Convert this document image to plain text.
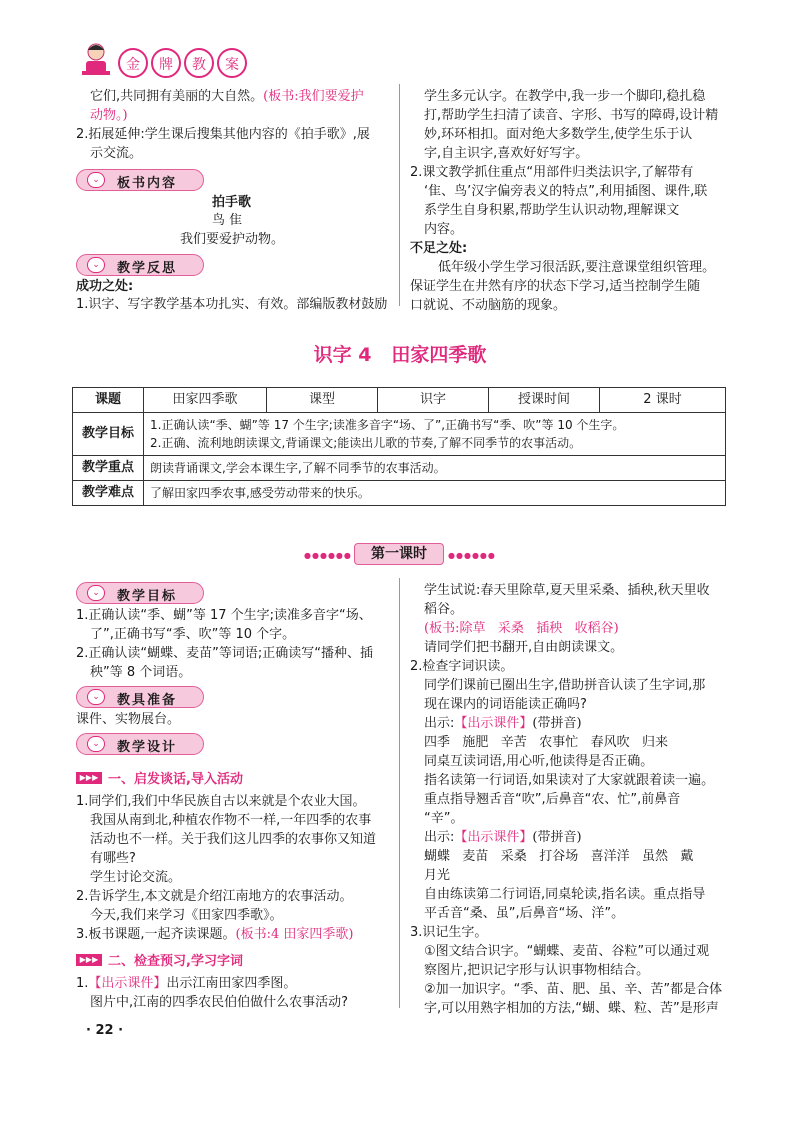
金	牌	教	案
它们,共同拥有美丽的大自然。(板书:我们要爱护
动物。)
2.拓展延伸:学生课后搜集其他内容的《拍手歌》,展
示交流。
⌄	板书内容
拍手歌
鸟 隹
我们要爱护动物。
⌄	教学反思
成功之处:
1.识字、写字教学基本功扎实、有效。部编版教材鼓励
学生多元认字。在教学中,我一步一个脚印,稳扎稳
打,帮助学生扫清了读音、字形、书写的障碍,设计精
妙,环环相扣。面对绝大多数学生,使学生乐于认
字,自主识字,喜欢好好写字。
2.课文教学抓住重点“用部件归类法识字,了解带有
‘隹、鸟’汉字偏旁表义的特点”,利用插图、课件,联
系学生自身积累,帮助学生认识动物,理解课文
内容。
不足之处:
低年级小学生学习很活跃,要注意课堂组织管理。
保证学生在井然有序的状态下学习,适当控制学生随
口就说、不动脑筋的现象。
识字 4   田家四季歌
课题	田家四季歌	课型	识字	授课时间	2 课时
教学目标	1.正确认读“季、蝴”等 17 个生字;读准多音字“场、了”,正确书写“季、吹”等 10 个生字。
2.正确、流利地朗读课文,背诵课文;能读出儿歌的节奏,了解不同季节的农事活动。				

教学重点	朗读背诵课文,学会本课生字,了解不同季节的农事活动。				
教学难点	了解田家四季农事,感受劳动带来的快乐。				
●●●●●●	第一课时	●●●●●●
⌄	教学目标
1.正确认读“季、蝴”等 17 个生字;读准多音字“场、
了”,正确书写“季、吹”等 10 个字。
2.正确认读“蝴蝶、麦苗”等词语;正确读写“播种、插
秧”等 8 个词语。
⌄	教具准备
课件、实物展台。
⌄	教学设计
▶▶▶ 一、启发谈话,导入活动
1.同学们,我们中华民族自古以来就是个农业大国。
我国从南到北,种植农作物不一样,一年四季的农事
活动也不一样。关于我们这儿四季的农事你又知道
有哪些?
学生讨论交流。
2.告诉学生,本文就是介绍江南地方的农事活动。
今天,我们来学习《田家四季歌》。
3.板书课题,一起齐读课题。(板书:4 田家四季歌)
▶▶▶ 二、检查预习,学习字词
1.【出示课件】出示江南田家四季图。
图片中,江南的四季农民伯伯做什么农事活动?
学生试说:春天里除草,夏天里采桑、插秧,秋天里收
稻谷。
(板书:除草   采桑   插秧   收稻谷)
请同学们把书翻开,自由朗读课文。
2.检查字词识读。
同学们课前已圈出生字,借助拼音认读了生字词,那
现在课内的词语能读正确吗?
出示:【出示课件】(带拼音)
四季   施肥   辛苦   农事忙   春风吹   归来
同桌互读词语,用心听,他读得是否正确。
指名读第一行词语,如果读对了大家就跟着读一遍。
重点指导翘舌音“吹”,后鼻音“农、忙”,前鼻音
“辛”。
出示:【出示课件】(带拼音)
蝴蝶   麦苗   采桑   打谷场   喜洋洋   虽然   戴
月光
自由练读第二行词语,同桌轮读,指名读。重点指导
平舌音“桑、虽”,后鼻音“场、洋”。
3.识记生字。
①图文结合识字。“蝴蝶、麦苗、谷粒”可以通过观
察图片,把识记字形与认识事物相结合。
②加一加识字。“季、苗、肥、虽、辛、苦”都是合体
字,可以用熟字相加的方法,“蝴、蝶、粒、苦”是形声
· 22 ·
